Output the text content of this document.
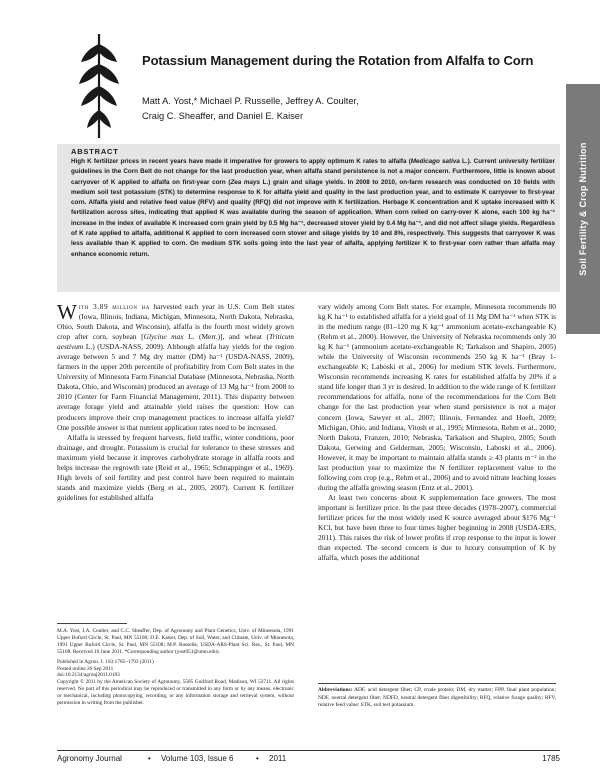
Potassium Management during the Rotation from Alfalfa to Corn
Matt A. Yost,* Michael P. Russelle, Jeffrey A. Coulter,
Craig C. Sheaffer, and Daniel E. Kaiser
Soil Fertility & Crop Nutrition
ABSTRACT
High K fertilizer prices in recent years have made it imperative for growers to apply optimum K rates to alfalfa (Medicago sativa L.). Current university fertilizer guidelines in the Corn Belt do not change for the last production year, when alfalfa stand persistence is not a major concern. Furthermore, little is known about carryover of K applied to alfalfa on first-year corn (Zea mays L.) grain and silage yields. In 2008 to 2010, on-farm research was conducted on 10 fields with medium soil test potassium (STK) to determine response to K for alfalfa yield and quality in the last production year, and to estimate K carryover to first-year corn. Alfalfa yield and relative feed value (RFV) and quality (RFQ) did not improve with K fertilization. Herbage K concentration and K uptake increased with K fertilization across sites, indicating that applied K was available during the season of application. When corn relied on carry-over K alone, each 100 kg ha⁻¹ increase in the index of available K increased corn grain yield by 0.5 Mg ha⁻¹, decreased stover yield by 0.4 Mg ha⁻¹, and did not affect silage yields. Regardless of K rate applied to alfalfa, additional K applied to corn increased corn stover and silage yields by 10 and 8%, respectively. This suggests that carryover K was less available than K applied to corn. On medium STK soils going into the last year of alfalfa, applying fertilizer K to first-year corn rather than alfalfa may enhance economic return.

With 3.89 million ha harvested each year in U.S. Corn Belt states (Iowa, Illinois, Indiana, Michigan, Minnesota, North Dakota, Nebraska, Ohio, South Dakota, and Wisconsin), alfalfa is the fourth most widely grown crop after corn, soybean [Glycine max L. (Merr.)], and wheat (Triticum aestivum L.) (USDA-NASS, 2009). Although alfalfa hay yields for the region average between 5 and 7 Mg dry matter (DM) ha⁻¹ (USDA-NASS, 2009), farmers in the upper 20th percentile of profitability from Corn Belt states in the University of Minnesota Farm Financial Database (Minnesota, Nebraska, North Dakota, Ohio, and Wisconsin) produced an average of 13 Mg ha⁻¹ from 2008 to 2010 (Center for Farm Financial Management, 2011). This disparity between average forage yield and attainable yield raises the question: How can producers improve their crop management practices to increase alfalfa yield? One possible answer is that nutrient application rates need to be increased.

Alfalfa is stressed by frequent harvests, field traffic, winter conditions, poor drainage, and drought. Potassium is crucial for tolerance to these stresses and maximum yield because it improves carbohydrate storage in alfalfa roots and helps increase the regrowth rate (Reid et al., 1965; Schnappinger et al., 1969). High levels of soil fertility and pest control have been required to maintain stands and maximize yields (Berg et al., 2005, 2007). Current K fertilizer guidelines for established alfalfa

vary widely among Corn Belt states. For example, Minnesota recommends 80 kg K ha⁻¹ to established alfalfa for a yield goal of 11 Mg DM ha⁻¹ when STK is in the medium range (81–120 mg K kg⁻¹ ammonium acetate-exchangeable K) (Rehm et al., 2000). However, the University of Nebraska recommends only 30 kg K ha⁻¹ (ammonium acetate-exchangeable K; Tarkalson and Shapiro, 2005) while the University of Wisconsin recommends 250 kg K ha⁻¹ (Bray 1-exchangeable K; Laboski et al., 2006) for medium STK levels. Furthermore, Wisconsin recommends increasing K rates for established alfalfa by 20% if a stand life longer than 3 yr is desired. In addition to the wide range of K fertilizer recommendations for alfalfa, none of the recommendations for the Corn Belt change for the last production year when stand persistence is not a major concern (Iowa, Sawyer et al., 2007; Illinois, Fernandez and Hoeft, 2009; Michigan, Ohio, and Indiana, Vitosh et al., 1995; Minnesota, Rehm et al., 2000; North Dakota, Franzen, 2010; Nebraska, Tarkalson and Shapiro, 2005; South Dakota, Gerwing and Gelderman, 2005; Wisconsin, Laboski et al., 2006). However, it may be important to maintain alfalfa stands ≥ 43 plants m⁻² in the last production year to maximize the N fertilizer replacement value to the following corn crop (e.g., Rehm et al., 2006) and to avoid nitrate leaching losses during the alfalfa growing season (Entz et al., 2001).

At least two concerns about K supplementation face growers. The most important is fertilizer price. In the past three decades (1978–2007), commercial fertilizer prices for the most widely used K source averaged about $176 Mg⁻¹ KCl, but have been three to four times higher beginning in 2008 (USDA-ERS, 2011). This raises the risk of lower profits if crop response to the input is lower than expected. The second concern is due to luxury consumption of K by alfalfa, which poses the additional

M.A. Yost, J.A. Coulter, and C.C. Sheaffer, Dep. of Agronomy and Plant Genetics, Univ. of Minnesota, 1991 Upper Buford Circle, St. Paul, MN 55108; D.E. Kaiser, Dep. of Soil, Water, and Climate, Univ. of Minnesota, 1991 Upper Buford Circle, St. Paul, MN 55108; M.P. Russelle, USDA-ARS-Plant Sci. Res., St. Paul, MN 55108. Received 10 June 2011. *Corresponding author (yost051@umn.edu).

Published in Agron. J. 103:1785–1793 (2011)

Posted online 26 Sep 2011

doi:10.2134/agronj2011.0183

Copyright © 2011 by the American Society of Agronomy, 5585 Guilford Road, Madison, WI 53711. All rights reserved. No part of this periodical may be reproduced or transmitted in any form or by any means, electronic or mechanical, including photocopying, recording, or any information storage and retrieval system, without permission in writing from the publisher.

Abbreviations: ADF, acid detergent fiber; CP, crude protein; DM, dry matter; FPP, final plant population; NDF, neutral detergent fiber; NDFD, neutral detergent fiber digestibility; RFQ, relative forage quality; RFV, relative feed value; STK, soil test potassium.
Agronomy Journal	• Volume 103, Issue 6	• 2011	1785
